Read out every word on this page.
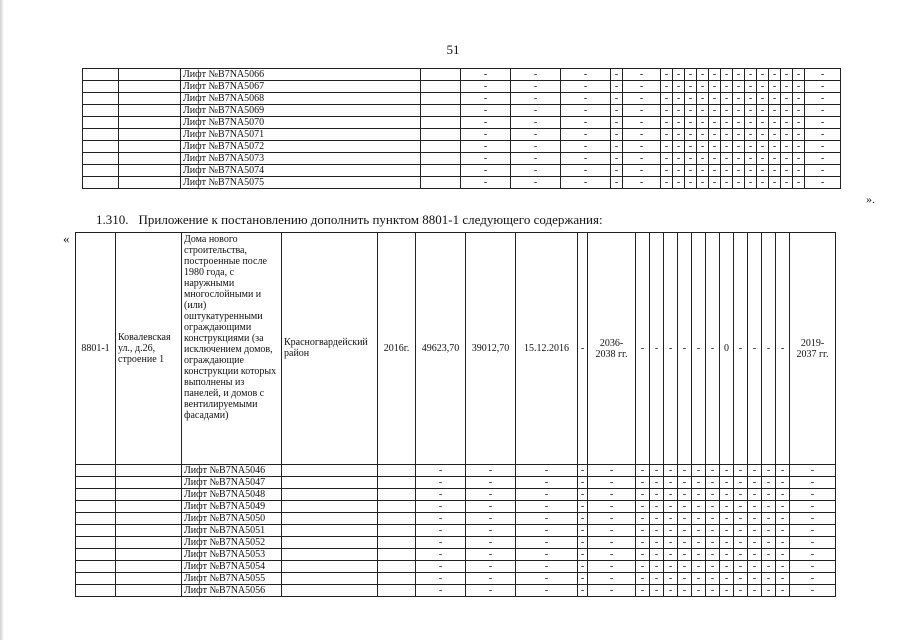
51
		Лифт №B7NA5066		-	-	-	-	-	-	-	-	-	-	-	-	-	-	-	-	-	-
		Лифт №B7NA5067		-	-	-	-	-	-	-	-	-	-	-	-	-	-	-	-	-	-
		Лифт №B7NA5068		-	-	-	-	-	-	-	-	-	-	-	-	-	-	-	-	-	-
		Лифт №B7NA5069		-	-	-	-	-	-	-	-	-	-	-	-	-	-	-	-	-	-
		Лифт №B7NA5070		-	-	-	-	-	-	-	-	-	-	-	-	-	-	-	-	-	-
		Лифт №B7NA5071		-	-	-	-	-	-	-	-	-	-	-	-	-	-	-	-	-	-
		Лифт №B7NA5072		-	-	-	-	-	-	-	-	-	-	-	-	-	-	-	-	-	-
		Лифт №B7NA5073		-	-	-	-	-	-	-	-	-	-	-	-	-	-	-	-	-	-
		Лифт №B7NA5074		-	-	-	-	-	-	-	-	-	-	-	-	-	-	-	-	-	-
		Лифт №B7NA5075		-	-	-	-	-	-	-	-	-	-	-	-	-	-	-	-	-	-
».
1.310. Приложение к постановлению дополнить пунктом 8801-1 следующего содержания:
«
8801-1	Ковалевская ул., д.26, строение 1	Дома нового строительства, построенные после 1980 года, с наружными многослойными и (или) оштукатуренными ограждающими конструкциями (за исключением домов, ограждающие конструкции которых выполнены из панелей, и домов с вентилируемыми фасадами)	Красногвардейский район	2016г.	49623,70	39012,70	15.12.2016	-	2036-2038 гг.	-	-	-	-	-	-	0	-	-	-	-	2019-2037 гг.
		Лифт №B7NA5046			-	-	-	-	-	-	-	-	-	-	-	-	-	-	-	-	-
		Лифт №B7NA5047			-	-	-	-	-	-	-	-	-	-	-	-	-	-	-	-	-
		Лифт №B7NA5048			-	-	-	-	-	-	-	-	-	-	-	-	-	-	-	-	-
		Лифт №B7NA5049			-	-	-	-	-	-	-	-	-	-	-	-	-	-	-	-	-
		Лифт №B7NA5050			-	-	-	-	-	-	-	-	-	-	-	-	-	-	-	-	-
		Лифт №B7NA5051			-	-	-	-	-	-	-	-	-	-	-	-	-	-	-	-	-
		Лифт №B7NA5052			-	-	-	-	-	-	-	-	-	-	-	-	-	-	-	-	-
		Лифт №B7NA5053			-	-	-	-	-	-	-	-	-	-	-	-	-	-	-	-	-
		Лифт №B7NA5054			-	-	-	-	-	-	-	-	-	-	-	-	-	-	-	-	-
		Лифт №B7NA5055			-	-	-	-	-	-	-	-	-	-	-	-	-	-	-	-	-
		Лифт №B7NA5056			-	-	-	-	-	-	-	-	-	-	-	-	-	-	-	-	-
